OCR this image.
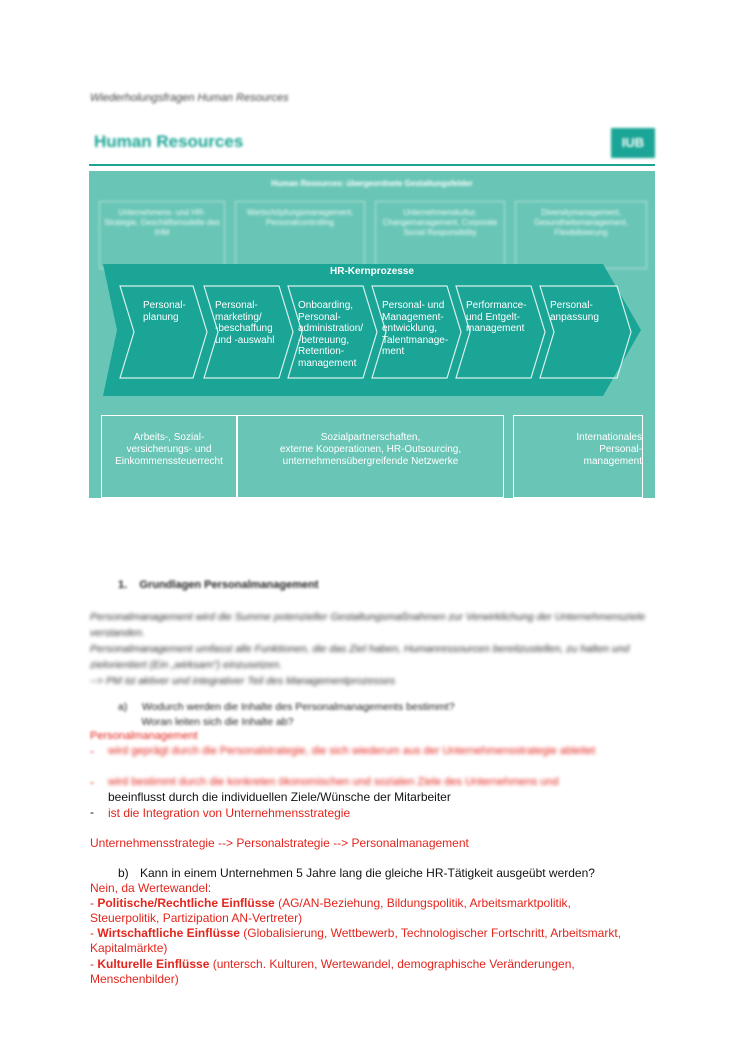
Wiederholungsfragen Human Resources
Human Resources	IUB
Human Resources: übergeordnete Gestaltungsfelder
Unternehmens- und HR-Strategie, Geschäftsmodelle des IHM
Wertschöpfungsmanagement, Personalcontrolling
Unternehmenskultur, Changemanagement, Corporate Social Responsibility
Diversitymanagement, Gesundheitsmanagement, Flexibilisierung
HR-Kernprozesse
Personal-
planung
Personal-
marketing/
-beschaffung
und -auswahl
Onboarding,
Personal-
administration/
-betreuung,
Retention-
management
Personal- und
Management-
entwicklung,
Talentmanage-
ment
Performance-
und Entgelt-
management
Personal-
anpassung
Arbeits-, Sozial-
versicherungs- und
Einkommenssteuerrecht
Sozialpartnerschaften,
externe Kooperationen, HR-Outsourcing,
unternehmensübergreifende Netzwerke
Internationales
Personal-
management
1.    Grundlagen Personalmanagement
Personalmanagement wird die Summe potenzieller Gestaltungsmaßnahmen zur Verwirklichung der Unternehmensziele verstanden.
Personalmanagement umfasst alle Funktionen, die das Ziel haben, Humanressourcen bereitzustellen, zu halten und zielorientiert (Ein „wirksam“) einzusetzen.
--> PM ist aktiver und integrativer Teil des Managementprozesses
a)     Wodurch werden die Inhalte des Personalmanagements bestimmt?
Woran leiten sich die Inhalte ab?
Personalmanagement
- wird geprägt durch die Personalstrategie, die sich wiederum aus der Unternehmensstrategie ableitet
- wird bestimmt durch die konkreten ökonomischen und sozialen Ziele des Unternehmens und
beeinflusst durch die individuellen Ziele/Wünsche der Mitarbeiter
- ist die Integration von Unternehmensstrategie
Unternehmensstrategie --> Personalstrategie --> Personalmanagement
b) Kann in einem Unternehmen 5 Jahre lang die gleiche HR-Tätigkeit ausgeübt werden?
Nein, da Wertewandel:
- Politische/Rechtliche Einflüsse (AG/AN-Beziehung, Bildungspolitik, Arbeitsmarktpolitik,
Steuerpolitik, Partizipation AN-Vertreter)
- Wirtschaftliche Einflüsse (Globalisierung, Wettbewerb, Technologischer Fortschritt, Arbeitsmarkt,
Kapitalmärkte)
- Kulturelle Einflüsse (untersch. Kulturen, Wertewandel, demographische Veränderungen,
Menschenbilder)
